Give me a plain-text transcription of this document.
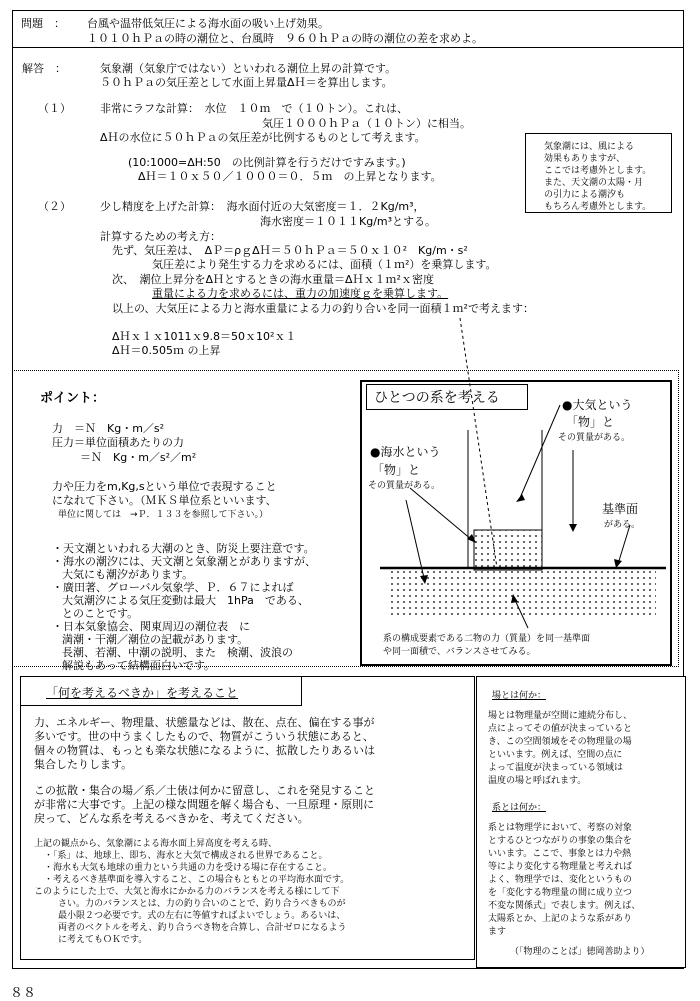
問題　： 台風や温帯低気圧による海水面の吸い上げ効果。
１０１０ｈＰａの時の潮位と、台風時　９６０ｈＰａの時の潮位の差を求めよ。
解答　：	気象潮（気象庁ではない）といわれる潮位上昇の計算です。
５０ｈＰａの気圧差として水面上昇量ΔＨ＝を算出します。
（１）	非常にラフな計算：　水位　１０ｍ　で（１０トン）。これは、
気圧１０００ｈＰａ（１０トン）に相当。
ΔＨの水位に５０ｈＰａの気圧差が比例するものとして考えます。
(10:1000=ΔH:50　の比例計算を行うだけですみます。)
ΔＨ＝１０ｘ５０／１０００＝０．５ｍ　の上昇となります。
気象潮には、風による
効果もありますが、
ここでは考慮外とします。
また、天文潮の太陽・月
の引力による潮汐も
もちろん考慮外とします。
（２）	少し精度を上げた計算：　海水面付近の大気密度＝１．２Kg/m³，
海水密度＝１０１１Kg/m³とする。
計算するための考え方：
先ず、気圧差は、　ΔＰ＝ρｇΔＨ＝５０ｈＰａ＝５０ｘ１０²　Kg/m・s²
気圧差により発生する力を求めるには、面積（１ｍ²）を乗算します。
次、　潮位上昇分をΔＨとするときの海水重量＝ΔＨｘ１ｍ²ｘ密度
重量による力を求めるには、重力の加速度ｇを乗算します。
以上の、大気圧による力と海水重量による力の釣り合いを同一面積１ｍ²で考えます：
ΔＨｘ１ｘ1011ｘ9.8＝50ｘ10²ｘ１
ΔＨ＝0.505ｍ の上昇
ポイント：
力　＝Ｎ　Kg・m／s²
圧力＝単位面積あたりの力
＝Ｎ　Kg・m／s²／m²
力や圧力をm,Kg,sという単位で表現すること
になれて下さい。（ＭＫＳ単位系といいます、
単位に関しては　→Ｐ．１３３を参照して下さい。）
・天文潮といわれる大潮のとき、防災上要注意です。
・海水の潮汐には、天文潮と気象潮とがありますが、
大気にも潮汐があります。
・廣田著、グローバル気象学、Ｐ．６７によれば
大気潮汐による気圧変動は最大　1hPa　である、
とのことです。
・日本気象協会、関東周辺の潮位表　に
満潮・干潮／潮位の記載があります。
長潮、若潮、中潮の説明、また　検潮、波浪の
解説もあって結構面白いです。
ひとつの系を考える	●大気という
「物」と
その質量がある。
●海水という
「物」と
その質量がある。
基準面
がある。
系の構成要素である二物の力（質量）を同一基準面
や同一面積で、バランスさせてみる。
「何を考えるべきか」を考えること
力、エネルギー、物理量、状態量などは、散在、点在、偏在する事が
多いです。世の中うまくしたもので、物質がこういう状態にあると、
個々の物質は、もっとも楽な状態になるように、拡散したりあるいは
集合したりします。
この拡散・集合の場／系／土俵は何かに留意し、これを発見すること
が非常に大事です。上記の様な問題を解く場合も、一旦原理・原則に
戻って、どんな系を考えるべきかを、考えてください。
上記の観点から、気象潮による海水面上昇高度を考える時、
・「系」は、地球上、即ち、海水と大気で構成される世界であること。
・海水も大気も地球の重力という共通の力を受ける場に存在すること。
・考えるべき基準面を導入すること、この場合もともとの平均海水面です。
このようにした上で、大気と海水にかかる力のバランスを考える様にして下
さい。力のバランスとは、力の釣り合いのことで、釣り合うべきものが
最小限２つ必要です。式の左右に等値すればよいでしょう。あるいは、
両者のベクトルを考え、釣り合うべき物を合算し、合計ゼロになるよう
に考えてもＯＫです。
場とは何か：
場とは物理量が空間に連続分布し、
点によってその値が決まっていると
き、この空間領域をその物理量の場
といいます。例えば、空間の点に
よって温度が決まっている領域は
温度の場と呼ばれます。
系とは何か：
系とは物理学において、考察の対象
とするひとつながりの事象の集合を
いいます。ここで、事象とは力や熱
等により変化する物理量と考えれば
よく、物理学では、変化というもの
を「変化する物理量の間に成り立つ
不変な関係式」で表します。例えば、
太陽系とか、上記のような系があり
ます
（「物理のことば」徳岡善助より）
８８
